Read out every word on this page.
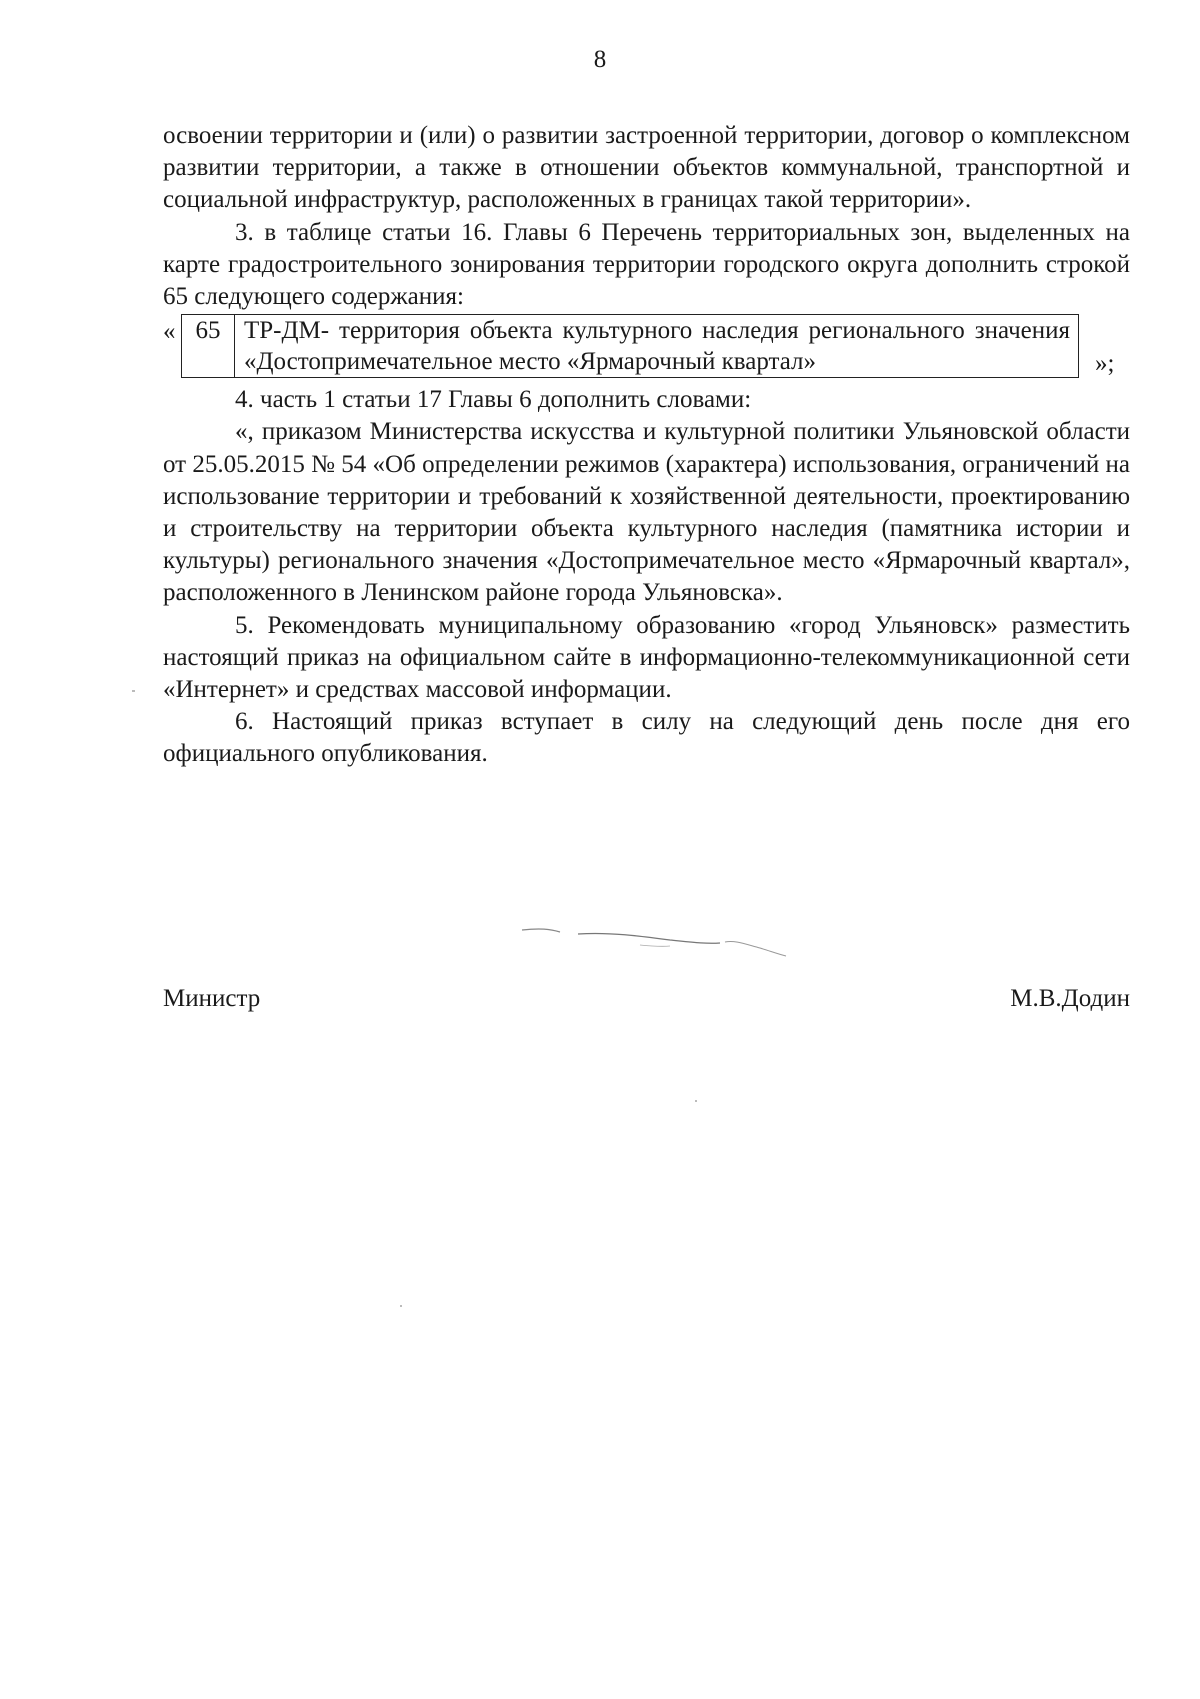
8

освоении территории и (или) о развитии застроенной территории, договор о комплексном развитии территории, а также в отношении объектов коммунальной, транспортной и социальной инфраструктур, расположенных в границах такой территории».

3. в таблице статьи 16. Главы 6 Перечень территориальных зон, выделенных на карте градостроительного зонирования территории городского округа дополнить строкой 65 следующего содержания:

« 65 ТР-ДМ- территория объекта культурного наследия регионального значения «Достопримечательное место «Ярмарочный квартал»	»;

4. часть 1 статьи 17 Главы 6 дополнить словами:

«, приказом Министерства искусства и культурной политики Ульяновской области от 25.05.2015 № 54 «Об определении режимов (характера) использования, ограничений на использование территории и требований к хозяйственной деятельности, проектированию и строительству на территории объекта культурного наследия (памятника истории и культуры) регионального значения «Достопримечательное место «Ярмарочный квартал», расположенного в Ленинском районе города Ульяновска».

5. Рекомендовать муниципальному образованию «город Ульяновск» разместить настоящий приказ на официальном сайте в информационно-телекоммуникационной сети «Интернет» и средствах массовой информации.

6. Настоящий приказ вступает в силу на следующий день после дня его официального опубликования.

Министр	М.В.Додин
